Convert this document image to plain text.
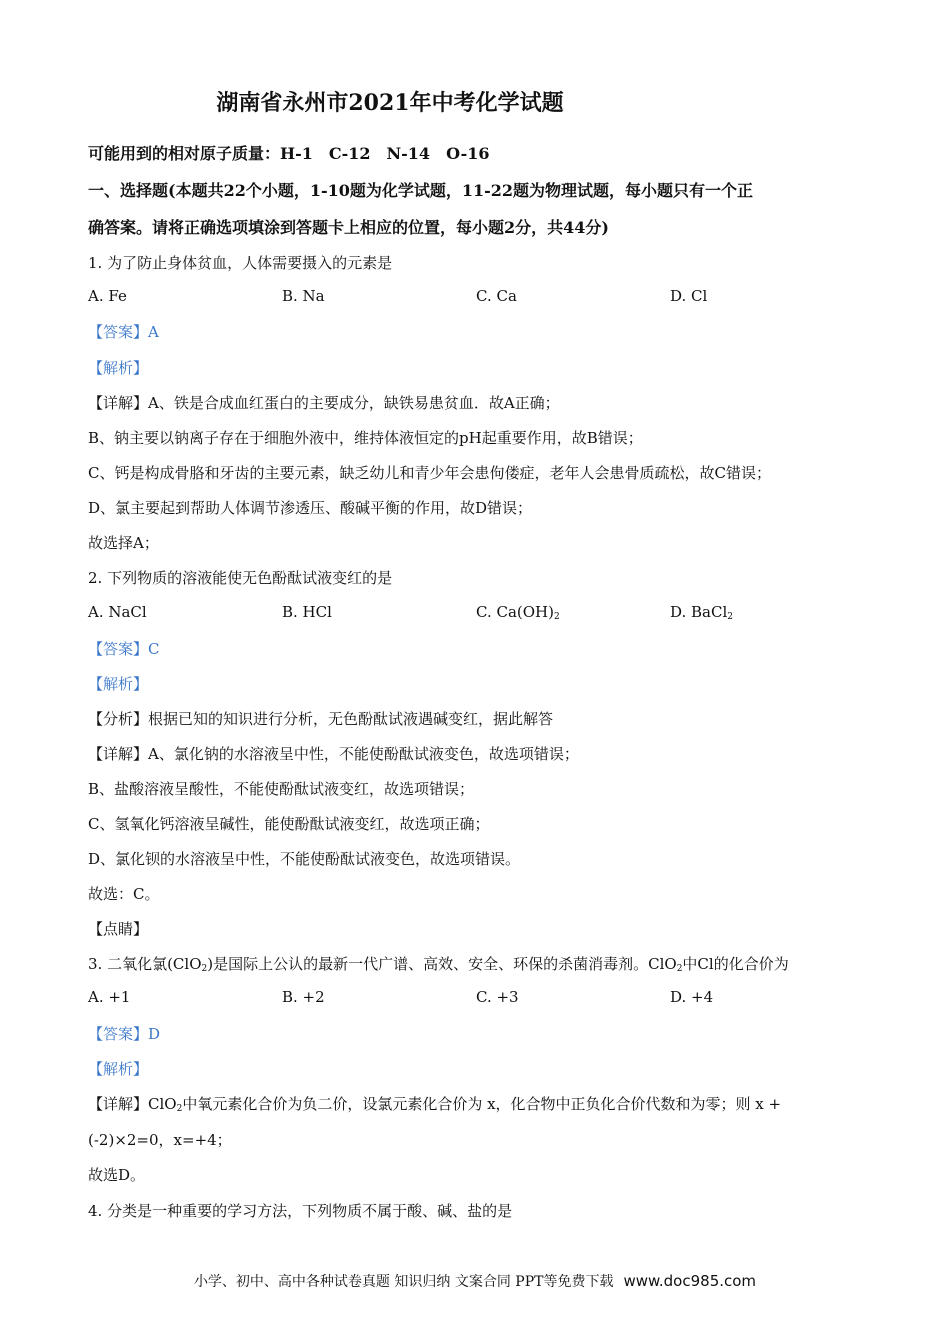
湖南省永州市2021年中考化学试题
可能用到的相对原子质量：H-1　C-12　N-14　O-16
一、选择题(本题共22个小题，1-10题为化学试题，11-22题为物理试题，每小题只有一个正
确答案。请将正确选项填涂到答题卡上相应的位置，每小题2分，共44分)
1. 为了防止身体贫血，人体需要摄入的元素是
A. Fe	B. Na	C. Ca	D. Cl
【答案】A
【解析】
【详解】A、铁是合成血红蛋白的主要成分，缺铁易患贫血．故A正确；
B、钠主要以钠离子存在于细胞外液中，维持体液恒定的pH起重要作用，故B错误；
C、钙是构成骨胳和牙齿的主要元素，缺乏幼儿和青少年会患佝偻症，老年人会患骨质疏松，故C错误；
D、氯主要起到帮助人体调节渗透压、酸碱平衡的作用，故D错误；
故选择A；
2. 下列物质的溶液能使无色酚酞试液变红的是
A. NaCl	B. HCl	C. $Ca(OH)_2$	D. BaCl$_2$
【答案】C
【解析】
【分析】根据已知的知识进行分析，无色酚酞试液遇碱变红，据此解答
【详解】A、氯化钠的水溶液呈中性，不能使酚酞试液变色，故选项错误；
B、盐酸溶液呈酸性，不能使酚酞试液变红，故选项错误；
C、氢氧化钙溶液呈碱性，能使酚酞试液变红，故选项正确；
D、氯化钡的水溶液呈中性，不能使酚酞试液变色，故选项错误。
故选：C。
【点睛】
3. 二氧化氯(ClO$_2$)是国际上公认的最新一代广谱、高效、安全、环保的杀菌消毒剂。ClO$_2$中Cl的化合价为
A. +1	B. +2	C. +3	D. +4
【答案】D
【解析】
【详解】ClO$_2$中氧元素化合价为负二价，设氯元素化合价为 x，化合物中正负化合价代数和为零；则 x +
(-2)×2=0，x=+4；
故选D。
4. 分类是一种重要的学习方法，下列物质不属于酸、碱、盐的是
小学、初中、高中各种试卷真题 知识归纳 文案合同 PPT等免费下载 www.doc985.com
